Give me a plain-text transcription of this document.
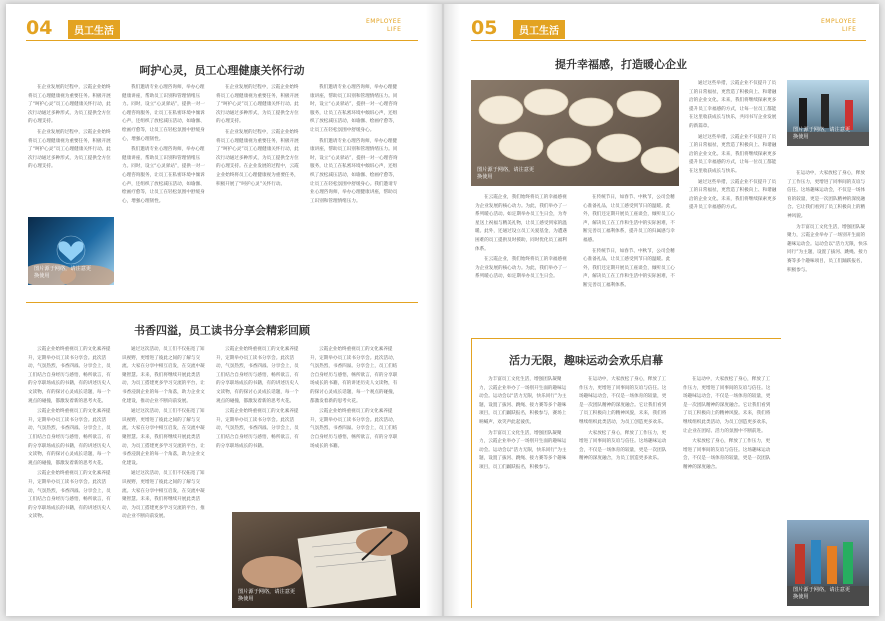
04	员工生活
EMPLOYEE
LIFE
呵护心灵，员工心理健康关怀行动

在企业发展的过程中，云霞企业始终将员工心理健康视为重要任务。积极开展了“呵护心灵”员工心理健康关怀行动，此次行动通过多种形式，为员工提供全方位的心理支持。

在企业发展的过程中，云霞企业始终将员工心理健康视为重要任务，积极开展了“呵护心灵”员工心理健康关怀行动。此次行动通过多种形式，为员工提供全方位的心理支持。

图片源于网络，请注意更换使用

我们邀请专业心理咨询师，举办心理健康讲座，帮助员工识别和管理情绪压力。同时，设立“心灵驿站”，提供一对一心理咨询服务，让员工在私密环境中倾诉心声，还组织了放松减压活动，如瑜伽、绘画疗愈等，让员工在轻松氛围中舒缓身心，增强心理韧性。

我们邀请专业心理咨询师，举办心理健康讲座，帮助员工识别和管理情绪压力。同时，设立“心灵驿站”，提供一对一心理咨询服务，让员工在私密环境中倾诉心声，还组织了放松减压活动，如瑜伽、绘画疗愈等，让员工在轻松氛围中舒缓身心，增强心理韧性。

在企业发展的过程中，云霞企业始终将员工心理健康视为重要任务，积极开展了“呵护心灵”员工心理健康关怀行动。此次行动通过多种形式，为员工提供全方位的心理支持。

在企业发展的过程中，云霞企业始终将员工心理健康视为重要任务，积极开展了“呵护心灵”员工心理健康关怀行动，此次行动通过多种形式，为员工提供全方位的心理支持。在企业发展的过程中，云霞企业始终将员工心理健康视为重要任务，积极开展了“呵护心灵”关怀行动。

我们邀请专业心理咨询师，举办心理健康讲座，帮助员工识别和管理情绪压力。同时，设立“心灵驿站”，提供一对一心理咨询服务，让员工在私密环境中倾诉心声，还组织了放松减压活动，如瑜伽、绘画疗愈等，让员工在轻松氛围中舒缓身心。

我们邀请专业心理咨询师，举办心理健康讲座，帮助员工识别和管理情绪压力。同时，设立“心灵驿站”，提供一对一心理咨询服务，让员工在私密环境中倾诉心声，还组织了放松减压活动，如瑜伽、绘画疗愈等，让员工在轻松氛围中舒缓身心。我们邀请专业心理咨询师，举办心理健康讲座，帮助员工识别和管理情绪压力。

书香四溢，员工读书分享会精彩回顾

云霞企业始终重视员工的文化素养提升，定期举办员工读书分享会。此次活动，气氛热烈，书香四溢。分享会上，员工们结合自身经历与感悟，畅所欲言，有的分享职场成长的书籍，有的讲述历史人文读物，有的探讨心灵成长话题，每一个观点的碰撞，都激发着新的思考火花。

云霞企业始终重视员工的文化素养提升，定期举办员工读书分享会。此次活动，气氛热烈，书香四溢。分享会上，员工们结合自身经历与感悟，畅所欲言，有的分享职场成长的书籍，有的讲述历史人文读物，有的探讨心灵成长话题，每一个观点的碰撞，都激发着新的思考火花。

云霞企业始终重视员工的文化素养提升，定期举办员工读书分享会。此次活动，气氛热烈，书香四溢。分享会上，员工们结合自身经历与感悟，畅所欲言，有的分享职场成长的书籍，有的讲述历史人文读物。

通过这次活动，员工们不仅拓宽了知识视野，更增进了彼此之间的了解与交流。大家在分享中相互启发，在交流中凝聚智慧。未来，我们将继续开展此类活动，为员工搭建更多学习交流的平台，让书香浸润企业的每一个角落，助力企业文化建设，推动企业不断向前发展。

通过这次活动，员工们不仅拓宽了知识视野，更增进了彼此之间的了解与交流。大家在分享中相互启发，在交流中凝聚智慧。未来，我们将继续开展此类活动，为员工搭建更多学习交流的平台，让书香浸润企业的每一个角落，助力企业文化建设。

通过这次活动，员工们不仅拓宽了知识视野，更增进了彼此之间的了解与交流。大家在分享中相互启发，在交流中凝聚智慧。未来，我们将继续开展此类活动，为员工搭建更多学习交流的平台，推动企业不断向前发展。

云霞企业始终重视员工的文化素养提升，定期举办员工读书分享会。此次活动，气氛热烈，书香四溢。分享会上，员工们结合自身经历与感悟，畅所欲言，有的分享职场成长的书籍，有的讲述历史人文读物，有的探讨心灵成长话题，每一个观点的碰撞，都激发着新的思考火花。

云霞企业始终重视员工的文化素养提升，定期举办员工读书分享会。此次活动，气氛热烈，书香四溢。分享会上，员工们结合自身经历与感悟，畅所欲言，有的分享职场成长的书籍。

云霞企业始终重视员工的文化素养提升，定期举办员工读书分享会。此次活动，气氛热烈，书香四溢。分享会上，员工们结合自身经历与感悟，畅所欲言，有的分享职场成长的书籍，有的讲述历史人文读物，有的探讨心灵成长话题，每一个观点的碰撞，都激发着新的思考火花。

云霞企业始终重视员工的文化素养提升，定期举办员工读书分享会。此次活动，气氛热烈，书香四溢。分享会上，员工们结合自身经历与感悟，畅所欲言，有的分享职场成长的书籍。

图片源于网络，请注意更换使用
05	员工生活
EMPLOYEE
LIFE
提升幸福感，打造暖心企业
图片源于网络，请注意更换使用

在云霞企业，我们始终将员工的幸福感视为企业发展的核心动力。为此，我们举办了一系列暖心活动。如定期举办员工生日会，为寿星送上祝福与精美礼物，让员工感受到家的温暖。此外，还通过设立员工关爱基金，为遭遇困难的员工提供及时援助，同时优化员工福利体系。

在云霞企业，我们始终将员工的幸福感视为企业发展的核心动力。为此，我们举办了一系列暖心活动，如定期举办员工生日会。

在传统节日，如春节、中秋节，公司会精心准备礼品，让员工感受到节日的温暖。此外，我们还定期开展员工座谈会，倾听员工心声，解决员工在工作和生活中的实际困难，不断完善员工福利体系，提升员工的归属感与幸福感。

在传统节日，如春节、中秋节，公司会精心准备礼品，让员工感受到节日的温暖。此外，我们还定期开展员工座谈会，倾听员工心声，解决员工在工作和生活中的实际困难，不断完善员工福利体系。

通过这些举措，云霞企业不仅提升了员工的日常福祉，更营造了积极向上、和谐融洽的企业文化。未来，我们将继续探索更多提升员工幸福感的方式，让每一位员工都能在这里收获成长与快乐，共同书写企业发展的新篇章。

通过这些举措，云霞企业不仅提升了员工的日常福祉，更营造了积极向上、和谐融洽的企业文化。未来，我们将继续探索更多提升员工幸福感的方式，让每一位员工都能在这里收获成长与快乐。

通过这些举措，云霞企业不仅提升了员工的日常福祉，更营造了积极向上、和谐融洽的企业文化。未来，我们将继续探索更多提升员工幸福感的方式。

图片源于网络，请注意更换使用
活力无限，趣味运动会欢乐启幕

为丰富员工文化生活，增强团队凝聚力，云霞企业举办了一场别开生面的趣味运动会。运动会以“活力无限，快乐同行”为主题，设置了拔河、跳绳、接力赛等多个趣味项目，员工们踊跃报名，积极参与，赛场上呐喊声、欢笑声此起彼伏。

为丰富员工文化生活，增强团队凝聚力，云霞企业举办了一场别开生面的趣味运动会。运动会以“活力无限，快乐同行”为主题，设置了拔河、跳绳、接力赛等多个趣味项目，员工们踊跃报名，积极参与。

在运动中，大家放松了身心，释放了工作压力，更增进了同事间的友谊与信任。这场趣味运动会，不仅是一场体育的较量，更是一次团队精神的深度融合。它让我们看到了员工积极向上的精神风貌，未来，我们将继续组织此类活动，为员工创造更多欢乐。

大家放松了身心，释放了工作压力，更增进了同事间的友谊与信任。这场趣味运动会，不仅是一场体育的较量，更是一次团队精神的深度融合，为员工创造更多欢乐。

在运动中，大家放松了身心，释放了工作压力，更增进了同事间的友谊与信任。这场趣味运动会，不仅是一场体育的较量，更是一次团队精神的深度融合。它让我们看到了员工积极向上的精神风貌。未来，我们将继续组织此类活动，为员工创造更多欢乐，让企业在团结、活力的氛围中不断前进。

大家放松了身心，释放了工作压力，更增进了同事间的友谊与信任。这场趣味运动会，不仅是一场体育的较量，更是一次团队精神的深度融合。

在运动中，大家放松了身心，释放了工作压力，更增进了同事间的友谊与信任。这场趣味运动会，不仅是一场体育的较量，更是一次团队精神的深度融合。它让我们看到了员工积极向上的精神风貌。

为丰富员工文化生活，增强团队凝聚力，云霞企业举办了一场别开生面的趣味运动会。运动会以“活力无限，快乐同行”为主题，设置了拔河、跳绳、接力赛等多个趣味项目，员工们踊跃报名，积极参与。

图片源于网络，请注意更换使用
